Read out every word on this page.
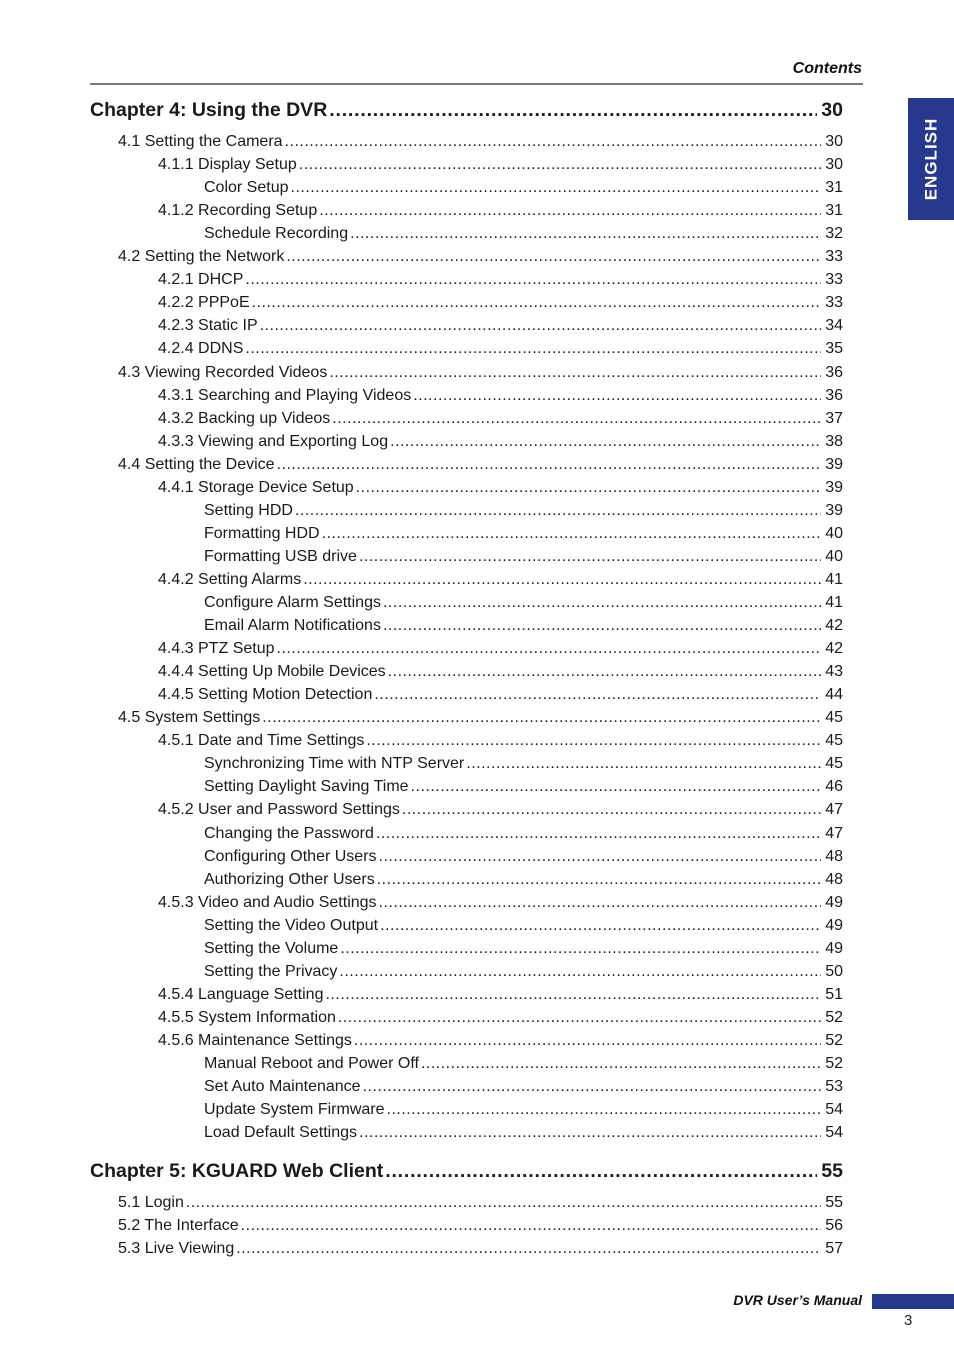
Contents
ENGLISH
Chapter 4: Using the DVR .....	30
4.1 Setting the Camera .....	30
4.1.1 Display Setup .....	30
Color Setup .....	31
4.1.2 Recording Setup .....	31
Schedule Recording .....	32
4.2 Setting the Network .....	33
4.2.1 DHCP .....	33
4.2.2 PPPoE .....	33
4.2.3 Static IP .....	34
4.2.4 DDNS .....	35
4.3 Viewing Recorded Videos .....	36
4.3.1 Searching and Playing Videos .....	36
4.3.2 Backing up Videos .....	37
4.3.3 Viewing and Exporting Log .....	38
4.4 Setting the Device .....	39
4.4.1 Storage Device Setup .....	39
Setting HDD .....	39
Formatting HDD .....	40
Formatting USB drive .....	40
4.4.2 Setting Alarms .....	41
Configure Alarm Settings .....	41
Email Alarm Notifications .....	42
4.4.3 PTZ Setup .....	42
4.4.4 Setting Up Mobile Devices .....	43
4.4.5 Setting Motion Detection .....	44
4.5 System Settings .....	45
4.5.1 Date and Time Settings .....	45
Synchronizing Time with NTP Server .....	45
Setting Daylight Saving Time .....	46
4.5.2 User and Password Settings .....	47
Changing the Password .....	47
Configuring Other Users .....	48
Authorizing Other Users .....	48
4.5.3 Video and Audio Settings .....	49
Setting the Video Output .....	49
Setting the Volume .....	49
Setting the Privacy .....	50
4.5.4 Language Setting .....	51
4.5.5 System Information .....	52
4.5.6 Maintenance Settings .....	52
Manual Reboot and Power Off .....	52
Set Auto Maintenance .....	53
Update System Firmware .....	54
Load Default Settings .....	54
Chapter 5: KGUARD Web Client .....	55
5.1 Login .....	55
5.2 The Interface .....	56
5.3 Live Viewing .....	57
DVR User’s Manual
3
